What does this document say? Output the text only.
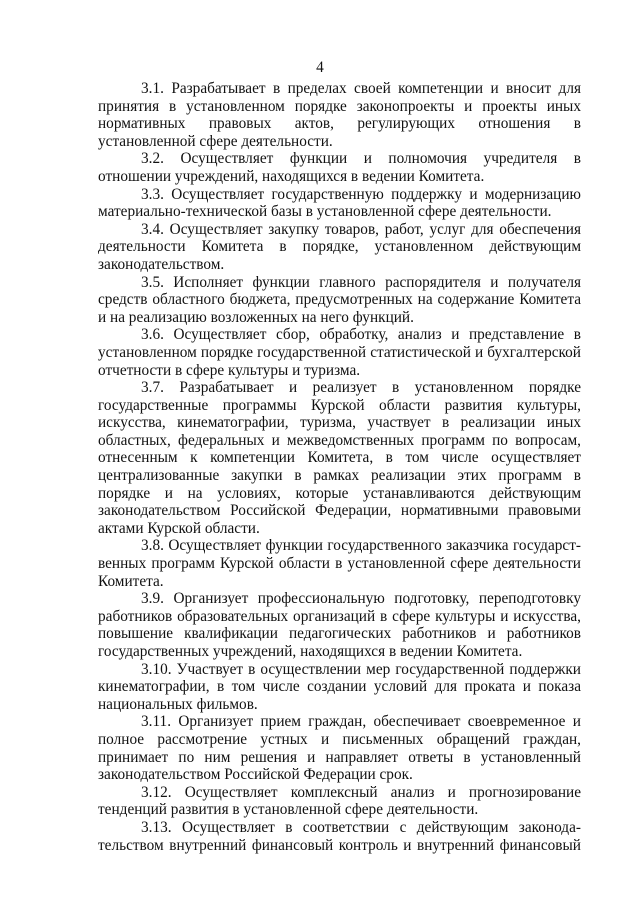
4

3.1. Разрабатывает в пределах своей компетенции и вносит для принятия в установленном порядке законопроекты и проекты иных нормативных правовых актов, регулирующих отношения в установленной сфере деятельности.

3.2. Осуществляет функции и полномочия учредителя в отношении учреждений, находящихся в ведении Комитета.

3.3. Осуществляет государственную поддержку и модернизацию материально-технической базы в установленной сфере деятельности.

3.4. Осуществляет закупку товаров, работ, услуг для обеспечения деятельности Комитета в порядке, установленном действующим законодательством.

3.5. Исполняет функции главного распорядителя и получателя средств областного бюджета, предусмотренных на содержание Комитета и на реализацию возложенных на него функций.

3.6. Осуществляет сбор, обработку, анализ и представление в установленном порядке государственной статистической и бухгалтерской отчетности в сфере культуры и туризма.

3.7. Разрабатывает и реализует в установленном порядке государственные программы Курской области развития культуры, искусства, кинематографии, туризма, участвует в реализации иных областных, федеральных и межведомственных программ по вопросам, отнесенным к компетенции Комитета, в том числе осуществляет централизованные закупки в рамках реализации этих программ в порядке и на условиях, которые устанавливаются действующим законодательством Российской Федерации, нормативными правовыми актами Курской области.

3.8. Осуществляет функции государственного заказчика государственных программ Курской области в установленной сфере деятельности Комитета.

3.9. Организует профессиональную подготовку, переподготовку работников образовательных организаций в сфере культуры и искусства, повышение квалификации педагогических работников и работников государственных учреждений, находящихся в ведении Комитета.

3.10. Участвует в осуществлении мер государственной поддержки кинематографии, в том числе создании условий для проката и показа национальных фильмов.

3.11. Организует прием граждан, обеспечивает своевременное и полное рассмотрение устных и письменных обращений граждан, принимает по ним решения и направляет ответы в установленный законодательством Российской Федерации срок.

3.12. Осуществляет комплексный анализ и прогнозирование тенденций развития в установленной сфере деятельности.

3.13. Осуществляет в соответствии с действующим законодательством внутренний финансовый контроль и внутренний финансовый
